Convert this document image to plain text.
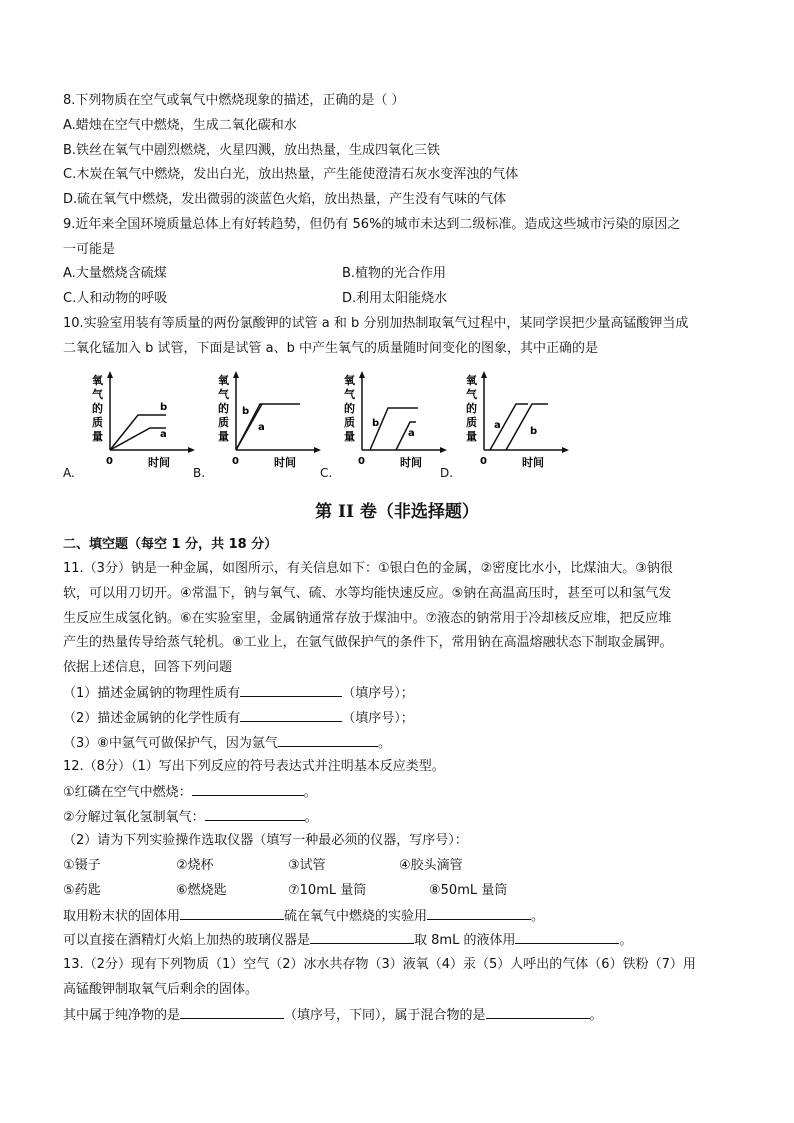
8.下列物质在空气或氧气中燃烧现象的描述，正确的是（ ）
A.蜡烛在空气中燃烧，生成二氧化碳和水
B.铁丝在氧气中剧烈燃烧，火星四溅，放出热量，生成四氧化三铁
C.木炭在氧气中燃烧，发出白光，放出热量，产生能使澄清石灰水变浑浊的气体
D.硫在氧气中燃烧，发出微弱的淡蓝色火焰，放出热量，产生没有气味的气体
9.近年来全国环境质量总体上有好转趋势，但仍有 56%的城市未达到二级标准。造成这些城市污染的原因之
一可能是
A.大量燃烧含硫煤	B.植物的光合作用
C.人和动物的呼吸	D.利用太阳能烧水
10.实验室用装有等质量的两份氯酸钾的试管 a 和 b 分别加热制取氧气过程中，某同学误把少量高锰酸钾当成
二氧化锰加入 b 试管，下面是试管 a、b 中产生氧气的质量随时间变化的图象，其中正确的是
氧
气
的
质
量
b
a
0	时间
A.
氧
气
的
质
量
b
a
0	时间
B.
氧
气
的
质
量
b
a
0	时间
C.
氧
气
的
质
量
a
b
0	时间
D.
第 II 卷（非选择题）
二、填空题（每空 1 分，共 18 分）
11.（3分）钠是一种金属，如图所示，有关信息如下：①银白色的金属，②密度比水小，比煤油大。③钠很
软，可以用刀切开。④常温下，钠与氧气、硫、水等均能快速反应。⑤钠在高温高压时，甚至可以和氢气发
生反应生成氢化钠。⑥在实验室里，金属钠通常存放于煤油中。⑦液态的钠常用于冷却核反应堆，把反应堆
产生的热量传导给蒸气轮机。⑧工业上，在氩气做保护气的条件下，常用钠在高温熔融状态下制取金属钾。
依据上述信息，回答下列问题
（1）描述金属钠的物理性质有	（填序号）；
（2）描述金属钠的化学性质有	（填序号）；
（3）⑧中氩气可做保护气，因为氩气	。
12.（8分）（1）写出下列反应的符号表达式并注明基本反应类型。
①红磷在空气中燃烧：	。
②分解过氧化氢制氧气：	。
（2）请为下列实验操作选取仪器（填写一种最必须的仪器，写序号）：
①镊子	②烧杯	③试管	④胶头滴管
⑤药匙	⑥燃烧匙	⑦10mL 量筒	⑧50mL 量筒
取用粉末状的固体用	硫在氧气中燃烧的实验用	。
可以直接在酒精灯火焰上加热的玻璃仪器是	取 8mL 的液体用	。
13.（2分）现有下列物质（1）空气（2）冰水共存物（3）液氧（4）汞（5）人呼出的气体（6）铁粉（7）用
高锰酸钾制取氧气后剩余的固体。
其中属于纯净物的是	（填序号，下同），属于混合物的是	。
